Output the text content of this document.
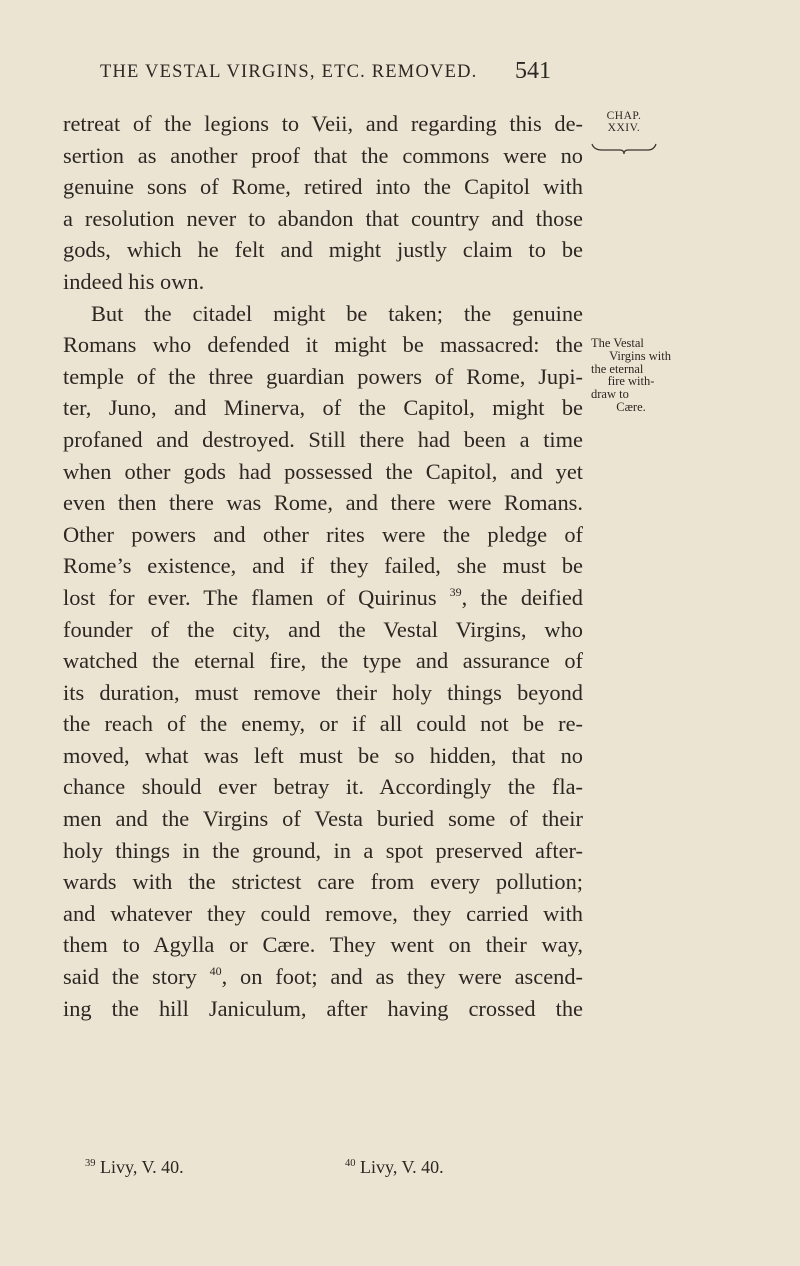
THE VESTAL VIRGINS, ETC. REMOVED.	541
CHAP.
XXIV.
retreat of the legions to Veii, and regarding this de-
sertion as another proof that the commons were no
genuine sons of Rome, retired into the Capitol with
a resolution never to abandon that country and those
gods, which he felt and might justly claim to be
indeed his own.
But the citadel might be taken; the genuine
Romans who defended it might be massacred: the
temple of the three guardian powers of Rome, Jupi-
ter, Juno, and Minerva, of the Capitol, might be
profaned and destroyed. Still there had been a time
when other gods had possessed the Capitol, and yet
even then there was Rome, and there were Romans.
Other powers and other rites were the pledge of
Rome’s existence, and if they failed, she must be
lost for ever. The flamen of Quirinus $^{39}$, the deified
founder of the city, and the Vestal Virgins, who
watched the eternal fire, the type and assurance of
its duration, must remove their holy things beyond
the reach of the enemy, or if all could not be re-
moved, what was left must be so hidden, that no
chance should ever betray it. Accordingly the fla-
men and the Virgins of Vesta buried some of their
holy things in the ground, in a spot preserved after-
wards with the strictest care from every pollution;
and whatever they could remove, they carried with
them to Agylla or Cære. They went on their way,
said the story $^{40}$, on foot; and as they were ascend-
ing the hill Janiculum, after having crossed the
The Vestal
Virgins with
the eternal
fire with-
draw to
Cære.
$^{39}$ Livy, V. 40.	$^{40}$ Livy, V. 40.
